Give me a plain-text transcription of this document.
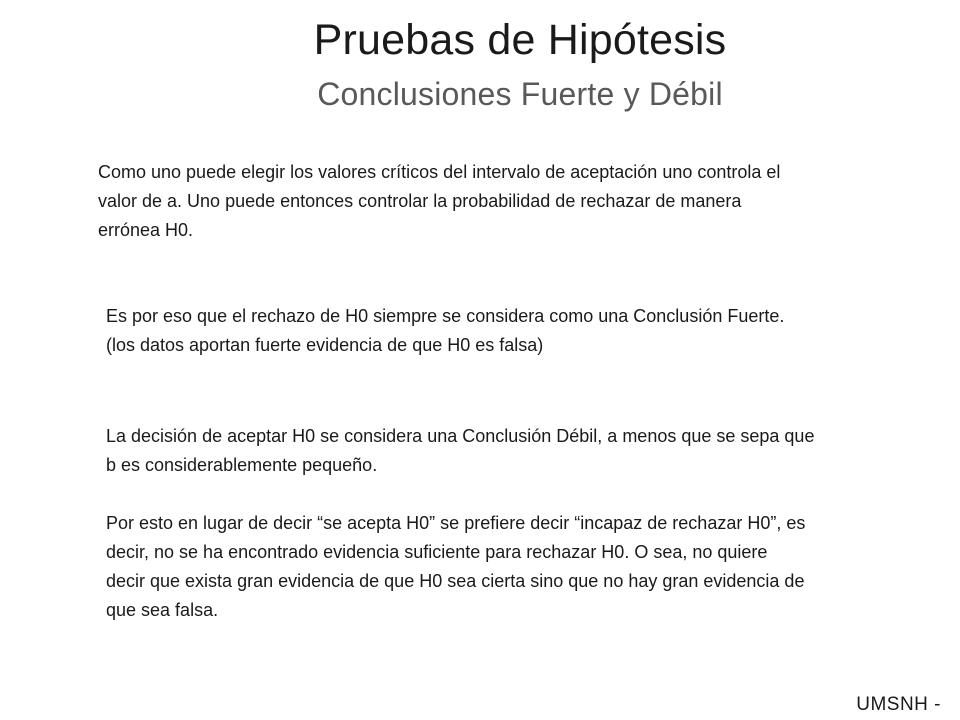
Pruebas de Hipótesis
Conclusiones Fuerte y Débil

Como uno puede elegir los valores críticos del intervalo de aceptación uno controla el
valor de a. Uno puede entonces controlar la probabilidad de rechazar de manera
errónea H0.

Es por eso que el rechazo de H0 siempre se considera como una Conclusión Fuerte.
(los datos aportan fuerte evidencia de que H0 es falsa)

La decisión de aceptar H0 se considera una Conclusión Débil, a menos que se sepa que
b es considerablemente pequeño.

Por esto en lugar de decir “se acepta H0” se prefiere decir “incapaz de rechazar H0”, es
decir, no se ha encontrado evidencia suficiente para rechazar H0. O sea, no quiere
decir que exista gran evidencia de que H0 sea cierta sino que no hay gran evidencia de
que sea falsa.

UMSNH -
